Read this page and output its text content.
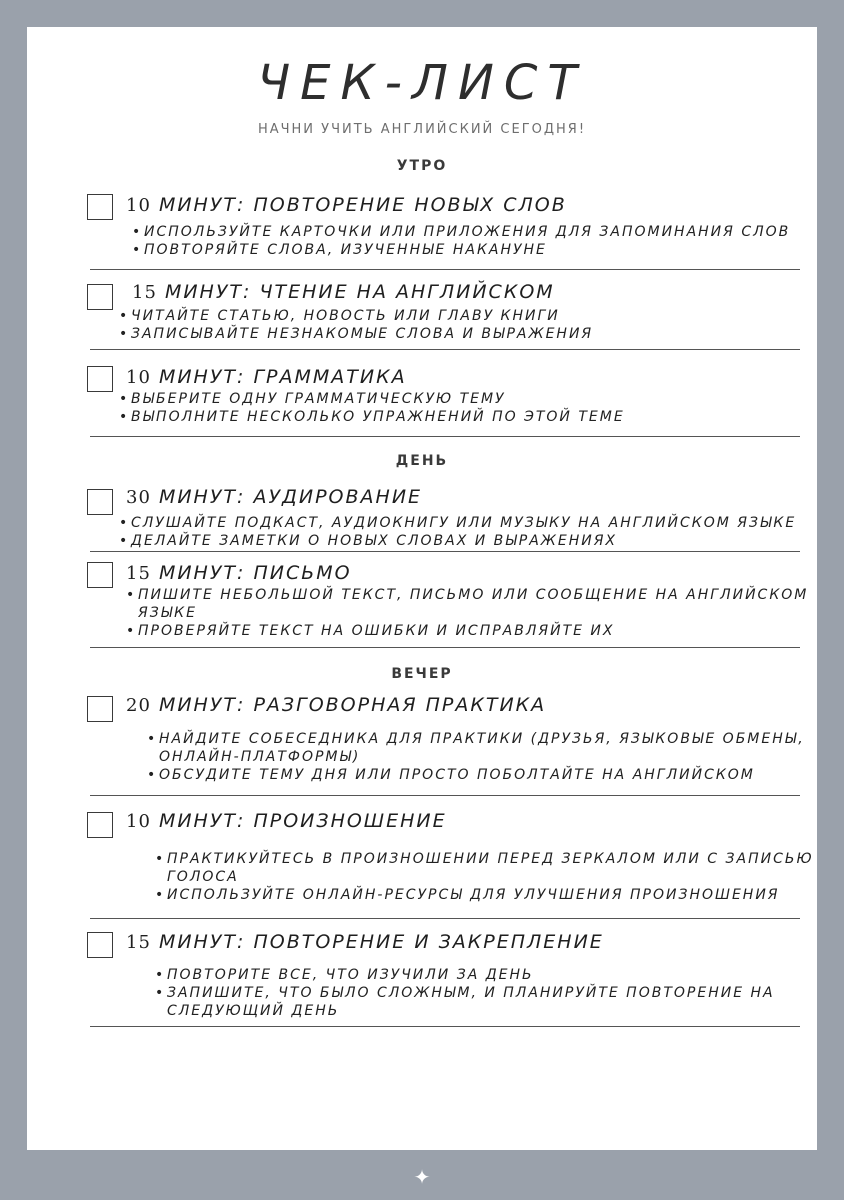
ЧЕК-ЛИСТ
НАЧНИ УЧИТЬ АНГЛИЙСКИЙ СЕГОДНЯ!
УТРО
10 МИНУТ: ПОВТОРЕНИЕ НОВЫХ СЛОВ
• ИСПОЛЬЗУЙТЕ КАРТОЧКИ ИЛИ ПРИЛОЖЕНИЯ ДЛЯ ЗАПОМИНАНИЯ СЛОВ
• ПОВТОРЯЙТЕ СЛОВА, ИЗУЧЕННЫЕ НАКАНУНЕ
15 МИНУТ: ЧТЕНИЕ НА АНГЛИЙСКОМ
• ЧИТАЙТЕ СТАТЬЮ, НОВОСТЬ ИЛИ ГЛАВУ КНИГИ
• ЗАПИСЫВАЙТЕ НЕЗНАКОМЫЕ СЛОВА И ВЫРАЖЕНИЯ
10 МИНУТ: ГРАММАТИКА
• ВЫБЕРИТЕ ОДНУ ГРАММАТИЧЕСКУЮ ТЕМУ
• ВЫПОЛНИТЕ НЕСКОЛЬКО УПРАЖНЕНИЙ ПО ЭТОЙ ТЕМЕ
ДЕНЬ
30 МИНУТ: АУДИРОВАНИЕ
• СЛУШАЙТЕ ПОДКАСТ, АУДИОКНИГУ ИЛИ МУЗЫКУ НА АНГЛИЙСКОМ ЯЗЫКЕ
• ДЕЛАЙТЕ ЗАМЕТКИ О НОВЫХ СЛОВАХ И ВЫРАЖЕНИЯХ
15 МИНУТ: ПИСЬМО
• ПИШИТЕ НЕБОЛЬШОЙ ТЕКСТ, ПИСЬМО ИЛИ СООБЩЕНИЕ НА АНГЛИЙСКОМ ЯЗЫКЕ
• ПРОВЕРЯЙТЕ ТЕКСТ НА ОШИБКИ И ИСПРАВЛЯЙТЕ ИХ
ВЕЧЕР
20 МИНУТ: РАЗГОВОРНАЯ ПРАКТИКА
• НАЙДИТЕ СОБЕСЕДНИКА ДЛЯ ПРАКТИКИ (ДРУЗЬЯ, ЯЗЫКОВЫЕ ОБМЕНЫ, ОНЛАЙН-ПЛАТФОРМЫ)
• ОБСУДИТЕ ТЕМУ ДНЯ ИЛИ ПРОСТО ПОБОЛТАЙТЕ НА АНГЛИЙСКОМ
10 МИНУТ: ПРОИЗНОШЕНИЕ
• ПРАКТИКУЙТЕСЬ В ПРОИЗНОШЕНИИ ПЕРЕД ЗЕРКАЛОМ ИЛИ С ЗАПИСЬЮ ГОЛОСА
• ИСПОЛЬЗУЙТЕ ОНЛАЙН-РЕСУРСЫ ДЛЯ УЛУЧШЕНИЯ ПРОИЗНОШЕНИЯ
15 МИНУТ: ПОВТОРЕНИЕ И ЗАКРЕПЛЕНИЕ
• ПОВТОРИТЕ ВСЕ, ЧТО ИЗУЧИЛИ ЗА ДЕНЬ
• ЗАПИШИТЕ, ЧТО БЫЛО СЛОЖНЫМ, И ПЛАНИРУЙТЕ ПОВТОРЕНИЕ НА СЛЕДУЮЩИЙ ДЕНЬ
✦
